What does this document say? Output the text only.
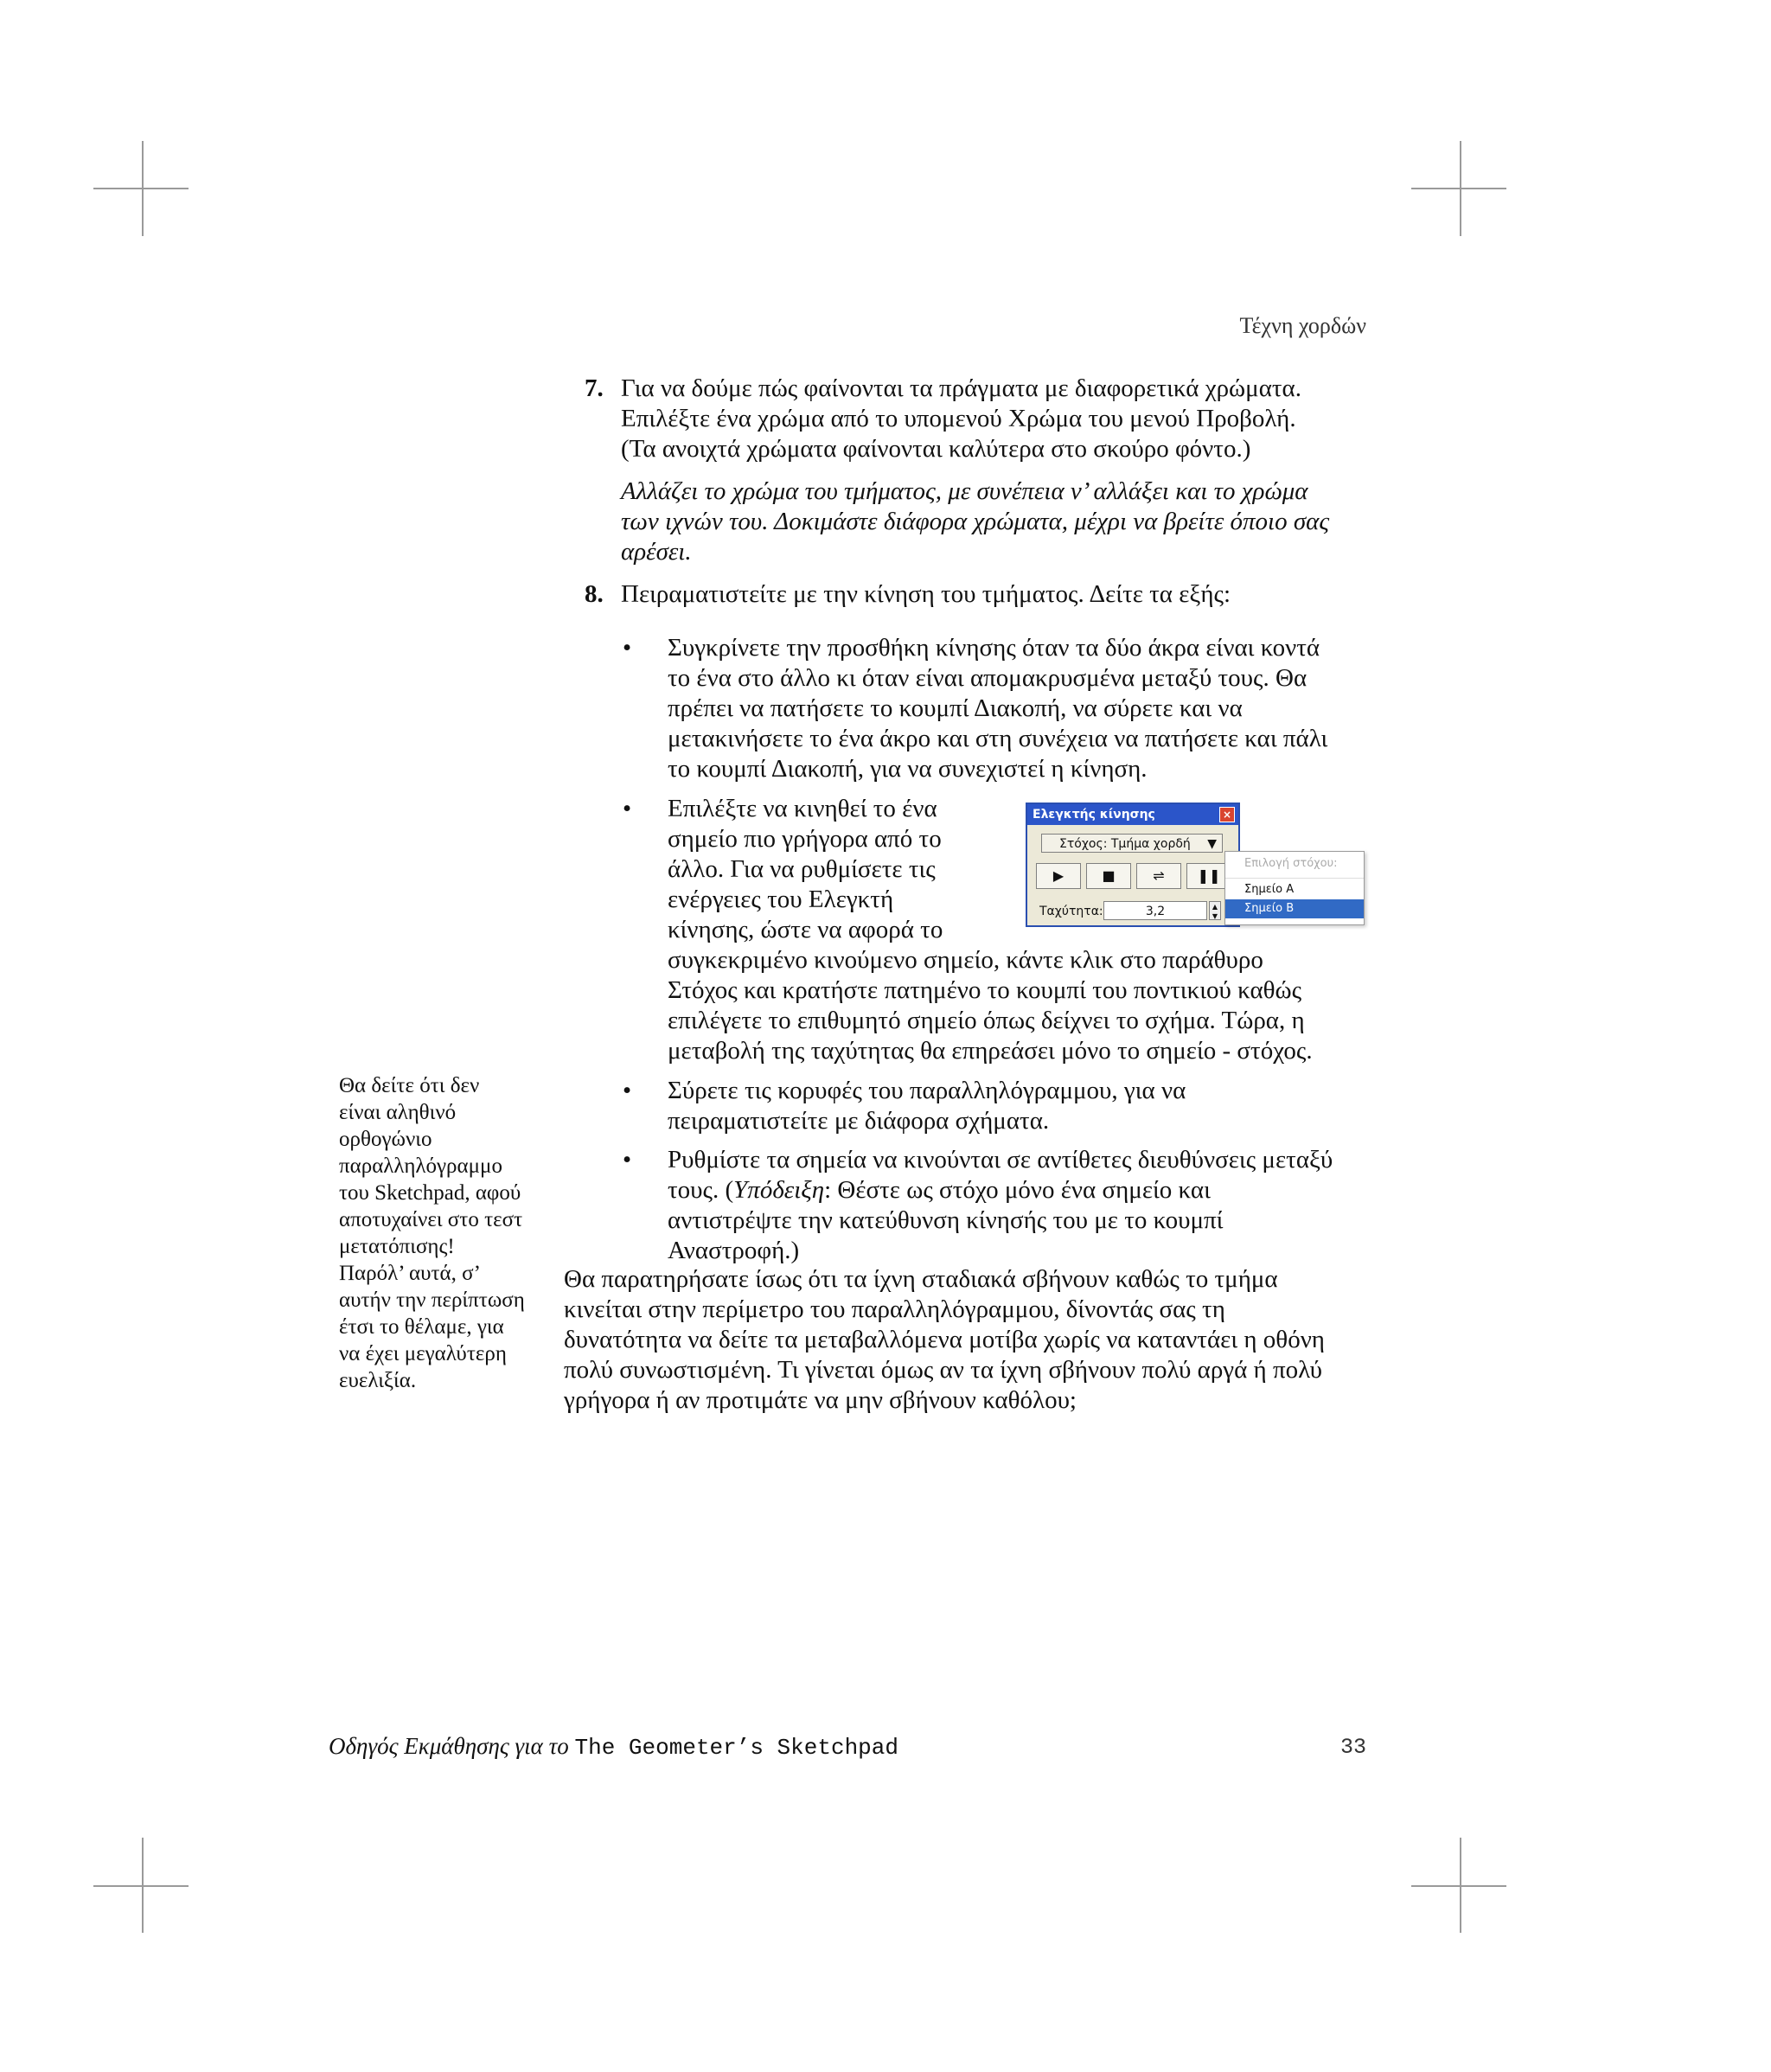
Τέχνη χορδών
7. Για να δούμε πώς φαίνονται τα πράγματα με διαφορετικά χρώματα.

Επιλέξτε ένα χρώμα από το υπομενού Χρώμα του μενού Προβολή.

(Τα ανοιχτά χρώματα φαίνονται καλύτερα στο σκούρο φόντο.)

Αλλάζει το χρώμα του τμήματος, με συνέπεια ν’ αλλάξει και το χρώμα

των ιχνών του. Δοκιμάστε διάφορα χρώματα, μέχρι να βρείτε όποιο σας

αρέσει.

8. Πειραματιστείτε με την κίνηση του τμήματος. Δείτε τα εξής:

• Συγκρίνετε την προσθήκη κίνησης όταν τα δύο άκρα είναι κοντά
το ένα στο άλλο κι όταν είναι απομακρυσμένα μεταξύ τους. Θα
πρέπει να πατήσετε το κουμπί Διακοπή, να σύρετε και να
μετακινήσετε το ένα άκρο και στη συνέχεια να πατήσετε και πάλι
το κουμπί Διακοπή, για να συνεχιστεί η κίνηση.
• Επιλέξτε να κινηθεί το ένα
σημείο πιο γρήγορα από το
άλλο. Για να ρυθμίσετε τις
ενέργειες του Ελεγκτή
κίνησης, ώστε να αφορά το
συγκεκριμένο κινούμενο σημείο, κάντε κλικ στο παράθυρο
Στόχος και κρατήστε πατημένο το κουμπί του ποντικιού καθώς
επιλέγετε το επιθυμητό σημείο όπως δείχνει το σχήμα. Τώρα, η
μεταβολή της ταχύτητας θα επηρεάσει μόνο το σημείο - στόχος.
Ελεγκτής κίνησης	×
Στόχος: Τμήμα χορδή ▼
▶	■	⇌	❚❚
Ταχύτητα:	3,2	▲
▼
Επιλογή στόχου:
Σημείο Α
Σημείο Β
• Σύρετε τις κορυφές του παραλληλόγραμμου, για να
πειραματιστείτε με διάφορα σχήματα.
• Ρυθμίστε τα σημεία να κινούνται σε αντίθετες διευθύνσεις μεταξύ
τους. (Υπόδειξη: Θέστε ως στόχο μόνο ένα σημείο και
αντιστρέψτε την κατεύθυνση κίνησής του με το κουμπί
Αναστροφή.)
Θα παρατηρήσατε ίσως ότι τα ίχνη σταδιακά σβήνουν καθώς το τμήμα
κινείται στην περίμετρο του παραλληλόγραμμου, δίνοντάς σας τη
δυνατότητα να δείτε τα μεταβαλλόμενα μοτίβα χωρίς να καταντάει η οθόνη
πολύ συνωστισμένη. Τι γίνεται όμως αν τα ίχνη σβήνουν πολύ αργά ή πολύ
γρήγορα ή αν προτιμάτε να μην σβήνουν καθόλου;
Θα δείτε ότι δεν
είναι αληθινό
ορθογώνιο
παραλληλόγραμμο
του Sketchpad, αφού
αποτυχαίνει στο τεστ
μετατόπισης!
Παρόλ’ αυτά, σ’
αυτήν την περίπτωση
έτσι το θέλαμε, για
να έχει μεγαλύτερη
ευελιξία.
Οδηγός Εκμάθησης για το The Geometer’s Sketchpad	33
